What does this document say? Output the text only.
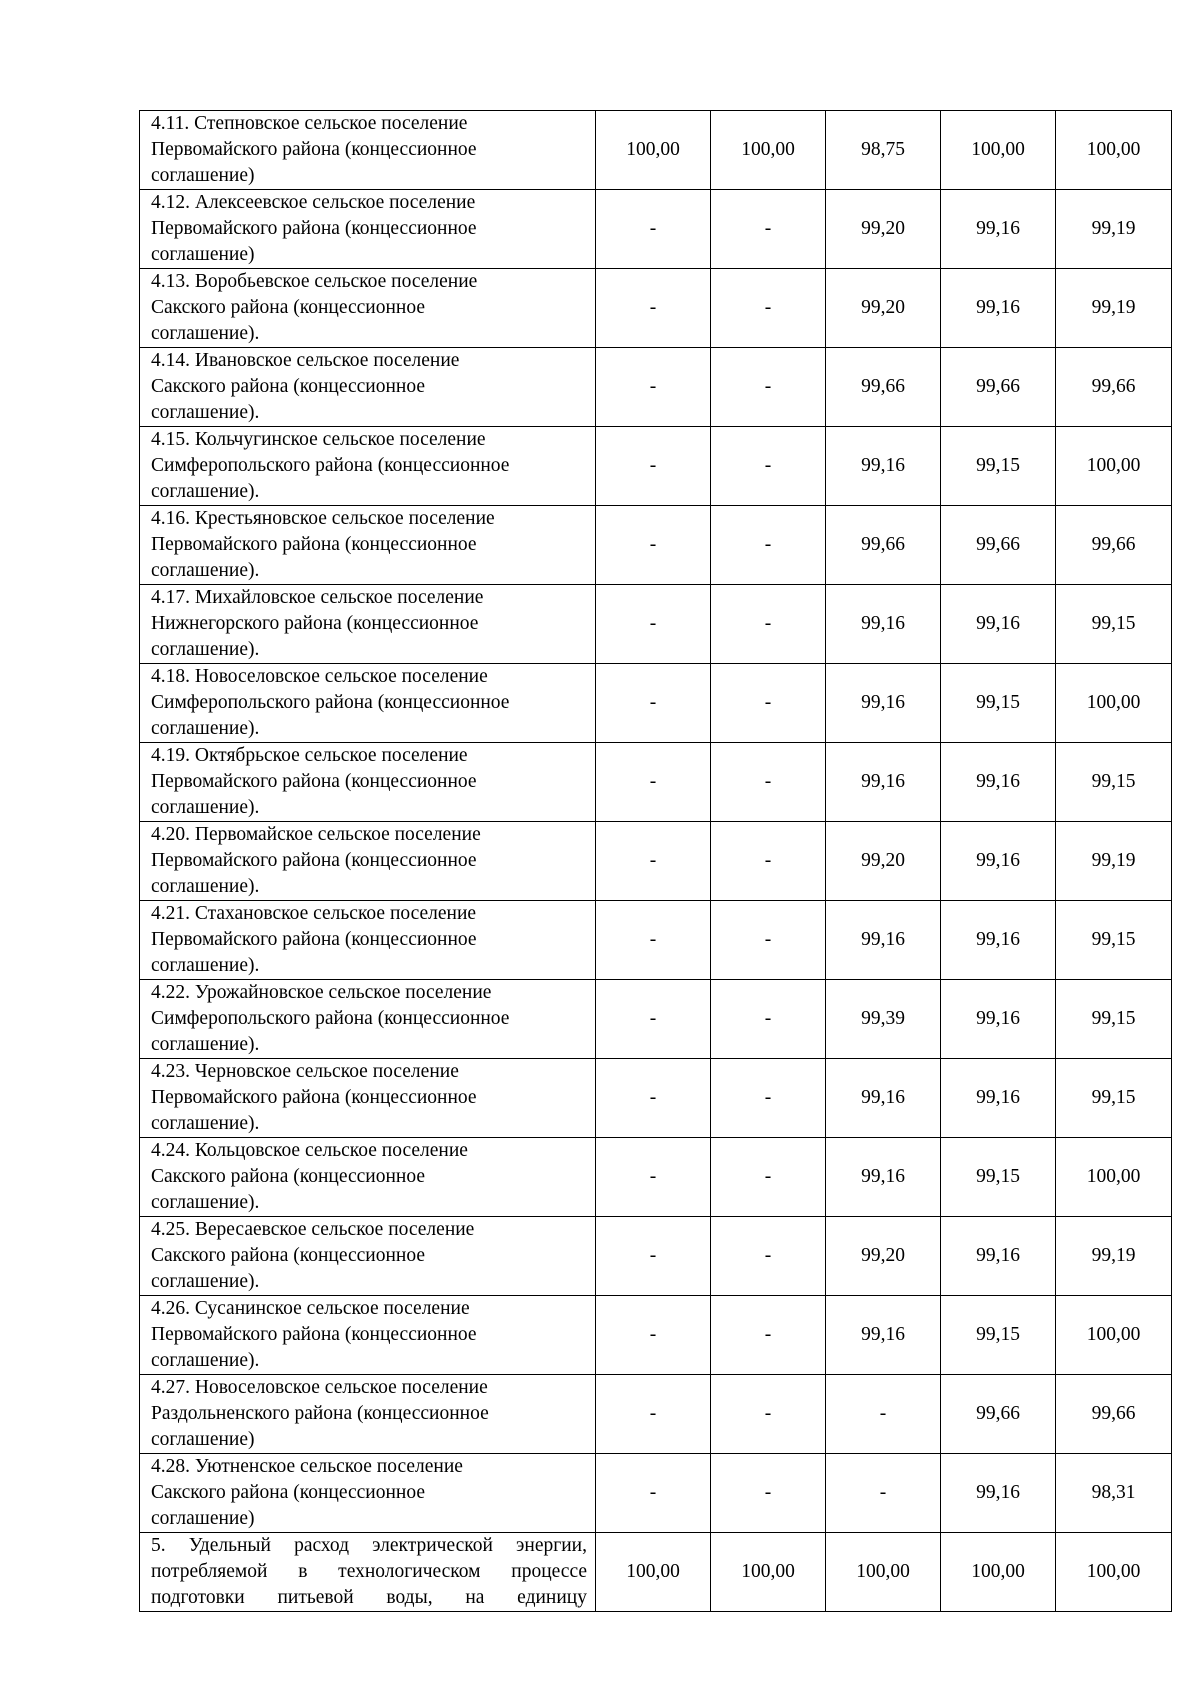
4.11. Степновское сельское поселение
Первомайского района (концессионное
соглашение)	100,00	100,00	98,75	100,00	100,00

4.12. Алексеевское сельское поселение
Первомайского района (концессионное
соглашение)	-	-	99,20	99,16	99,19

4.13. Воробьевское сельское поселение
Сакского района (концессионное
соглашение).	-	-	99,20	99,16	99,19

4.14. Ивановское сельское поселение
Сакского района (концессионное
соглашение).	-	-	99,66	99,66	99,66

4.15. Кольчугинское сельское поселение
Симферопольского района (концессионное
соглашение).	-	-	99,16	99,15	100,00

4.16. Крестьяновское сельское поселение
Первомайского района (концессионное
соглашение).	-	-	99,66	99,66	99,66

4.17. Михайловское сельское поселение
Нижнегорского района (концессионное
соглашение).	-	-	99,16	99,16	99,15

4.18. Новоселовское сельское поселение
Симферопольского района (концессионное
соглашение).	-	-	99,16	99,15	100,00

4.19. Октябрьское сельское поселение
Первомайского района (концессионное
соглашение).	-	-	99,16	99,16	99,15

4.20. Первомайское сельское поселение
Первомайского района (концессионное
соглашение).	-	-	99,20	99,16	99,19

4.21. Стахановское сельское поселение
Первомайского района (концессионное
соглашение).	-	-	99,16	99,16	99,15

4.22. Урожайновское сельское поселение
Симферопольского района (концессионное
соглашение).	-	-	99,39	99,16	99,15

4.23. Черновское сельское поселение
Первомайского района (концессионное
соглашение).	-	-	99,16	99,16	99,15

4.24. Кольцовское сельское поселение
Сакского района (концессионное
соглашение).	-	-	99,16	99,15	100,00

4.25. Вересаевское сельское поселение
Сакского района (концессионное
соглашение).	-	-	99,20	99,16	99,19

4.26. Сусанинское сельское поселение
Первомайского района (концессионное
соглашение).	-	-	99,16	99,15	100,00

4.27. Новоселовское сельское поселение
Раздольненского района (концессионное
соглашение)	-	-	-	99,66	99,66

4.28. Уютненское сельское поселение
Сакского района (концессионное
соглашение)	-	-	-	99,16	98,31

5. Удельный расход электрической энергии,
потребляемой в технологическом процессе
подготовки питьевой воды, на единицу	100,00	100,00	100,00	100,00	100,00
